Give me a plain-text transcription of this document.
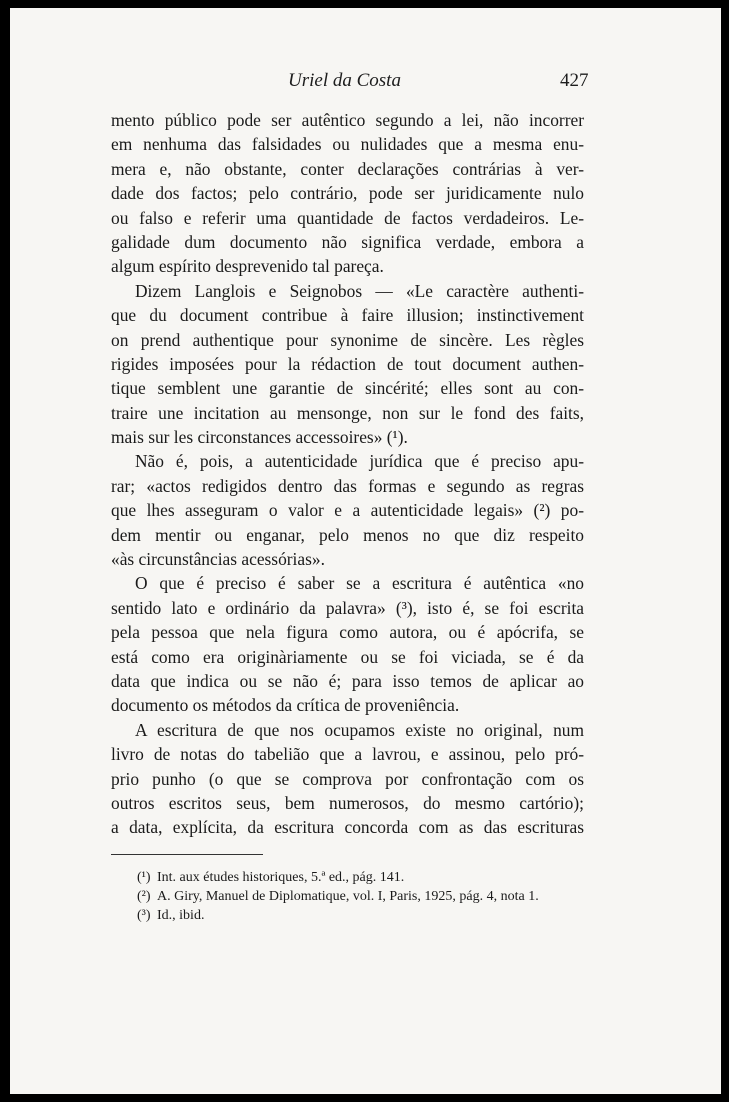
Uriel da Costa	427
mento público pode ser autêntico segundo a lei, não incorrer
em nenhuma das falsidades ou nulidades que a mesma enu-
mera e, não obstante, conter declarações contrárias à ver-
dade dos factos; pelo contrário, pode ser juridicamente nulo
ou falso e referir uma quantidade de factos verdadeiros. Le-
galidade dum documento não significa verdade, embora a
algum espírito desprevenido tal pareça.
Dizem Langlois e Seignobos — «Le caractère authenti-
que du document contribue à faire illusion; instinctivement
on prend authentique pour synonime de sincère. Les règles
rigides imposées pour la rédaction de tout document authen-
tique semblent une garantie de sincérité; elles sont au con-
traire une incitation au mensonge, non sur le fond des faits,
mais sur les circonstances accessoires» (¹).
Não é, pois, a autenticidade jurídica que é preciso apu-
rar; «actos redigidos dentro das formas e segundo as regras
que lhes asseguram o valor e a autenticidade legais» (²) po-
dem mentir ou enganar, pelo menos no que diz respeito
«às circunstâncias acessórias».
O que é preciso é saber se a escritura é autêntica «no
sentido lato e ordinário da palavra» (³), isto é, se foi escrita
pela pessoa que nela figura como autora, ou é apócrifa, se
está como era originàriamente ou se foi viciada, se é da
data que indica ou se não é; para isso temos de aplicar ao
documento os métodos da crítica de proveniência.
A escritura de que nos ocupamos existe no original, num
livro de notas do tabelião que a lavrou, e assinou, pelo pró-
prio punho (o que se comprova por confrontação com os
outros escritos seus, bem numerosos, do mesmo cartório);
a data, explícita, da escritura concorda com as das escrituras
(¹) Int. aux études historiques, 5.ª ed., pág. 141.
(²) A. Giry, Manuel de Diplomatique, vol. I, Paris, 1925, pág. 4, nota 1.
(³) Id., ibid.
